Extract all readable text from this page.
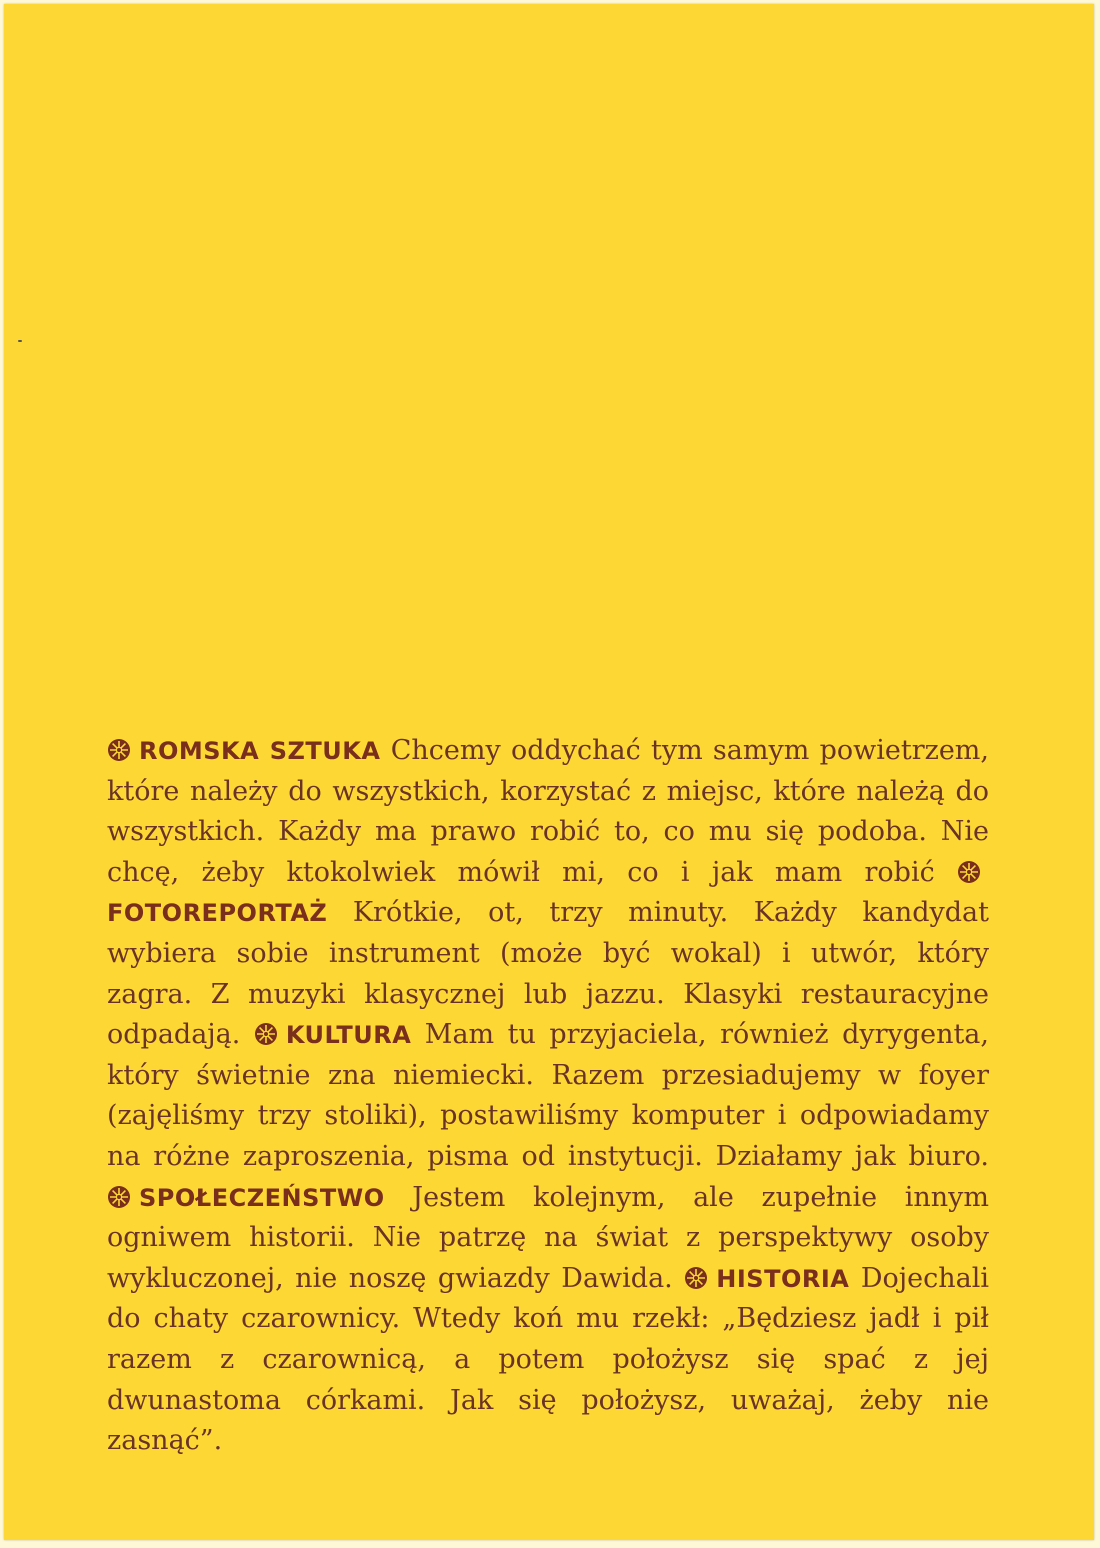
ROMSKA SZTUKA Chcemy oddychać tym samym powietrzem, które należy do wszystkich, korzystać z miejsc, które należą do wszystkich. Każdy ma prawo robić to, co mu się podoba. Nie chcę, żeby ktokolwiek mówił mi, co i jak mam robić FOTOREPORTAŻ Krótkie, ot, trzy minuty. Każdy kandydat wybiera sobie instrument (może być wokal) i utwór, który zagra. Z muzyki klasycznej lub jazzu. Klasyki restauracyjne odpadają. KULTURA Mam tu przyjaciela, również dyrygenta, który świetnie zna niemiecki. Razem przesiadujemy w foyer (zajęliśmy trzy stoliki), postawiliśmy komputer i odpowiadamy na różne zaproszenia, pisma od instytucji. Działamy jak biuro. SPOŁECZEŃSTWO Jestem kolejnym, ale zupełnie innym ogniwem historii. Nie patrzę na świat z perspektywy osoby wykluczonej, nie noszę gwiazdy Dawida. HISTORIA Dojechali do chaty czarownicy. Wtedy koń mu rzekł: „Będziesz jadł i pił razem z czarownicą, a potem położysz się spać z jej dwunastoma córkami. Jak się położysz, uważaj, żeby nie zasnąć”.
